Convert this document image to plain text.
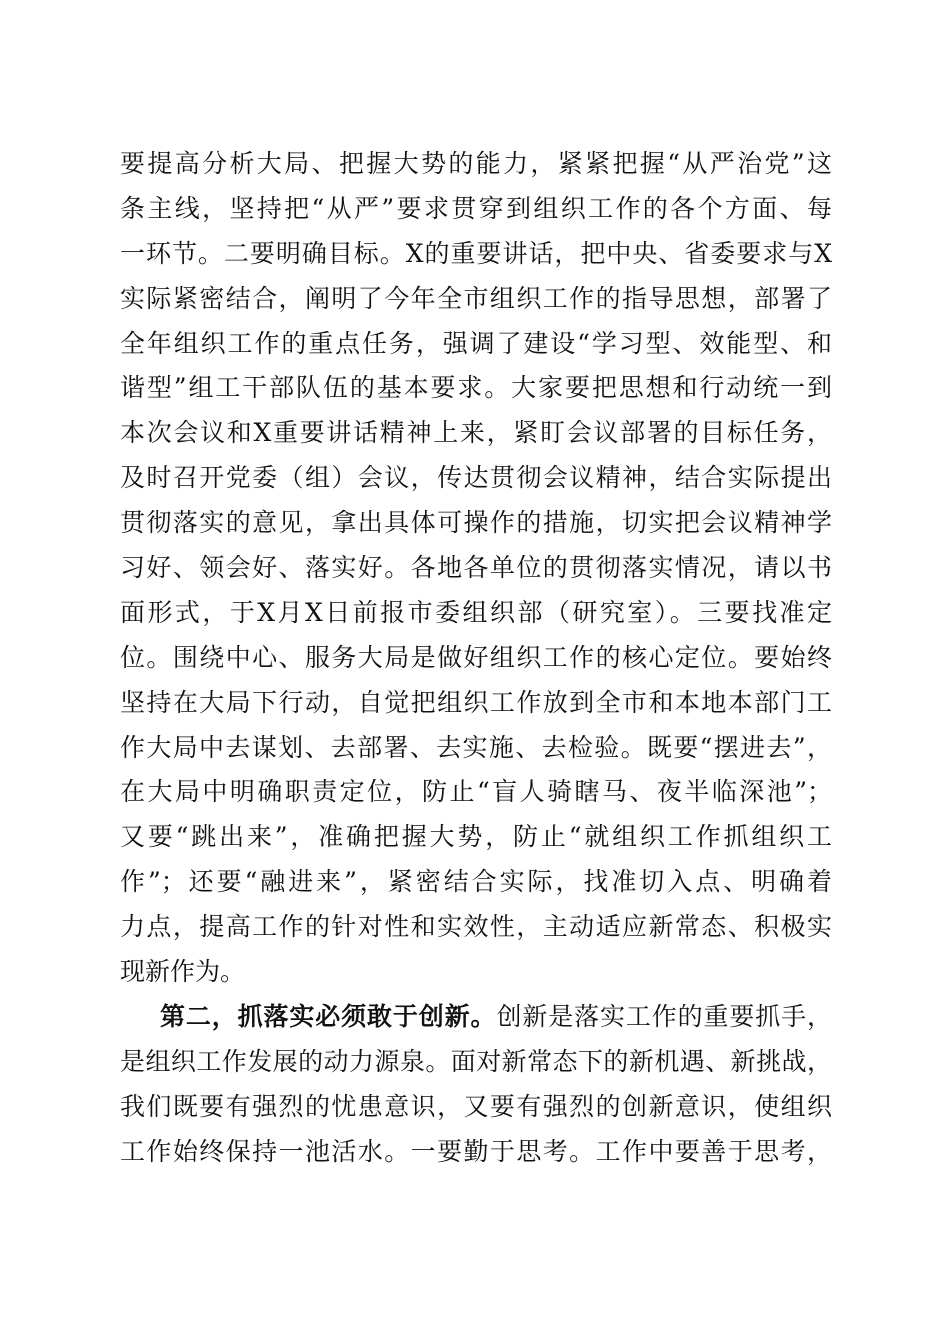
要提高分析大局、把握大势的能力，紧紧把握“从严治党”这
条主线，坚持把“从严”要求贯穿到组织工作的各个方面、每
一环节。二要明确目标。X的重要讲话，把中央、省委要求与X
实际紧密结合，阐明了今年全市组织工作的指导思想，部署了
全年组织工作的重点任务，强调了建设“学习型、效能型、和
谐型”组工干部队伍的基本要求。大家要把思想和行动统一到
本次会议和X重要讲话精神上来，紧盯会议部署的目标任务，
及时召开党委（组）会议，传达贯彻会议精神，结合实际提出
贯彻落实的意见，拿出具体可操作的措施，切实把会议精神学
习好、领会好、落实好。各地各单位的贯彻落实情况，请以书
面形式，于X月X日前报市委组织部（研究室）。三要找准定
位。围绕中心、服务大局是做好组织工作的核心定位。要始终
坚持在大局下行动，自觉把组织工作放到全市和本地本部门工
作大局中去谋划、去部署、去实施、去检验。既要“摆进去”，
在大局中明确职责定位，防止“盲人骑瞎马、夜半临深池”；
又要“跳出来”，准确把握大势，防止“就组织工作抓组织工
作”；还要“融进来”，紧密结合实际，找准切入点、明确着
力点，提高工作的针对性和实效性，主动适应新常态、积极实
现新作为。
第二，抓落实必须敢于创新。创新是落实工作的重要抓手，
是组织工作发展的动力源泉。面对新常态下的新机遇、新挑战，
我们既要有强烈的忧患意识，又要有强烈的创新意识，使组织
工作始终保持一池活水。一要勤于思考。工作中要善于思考，
